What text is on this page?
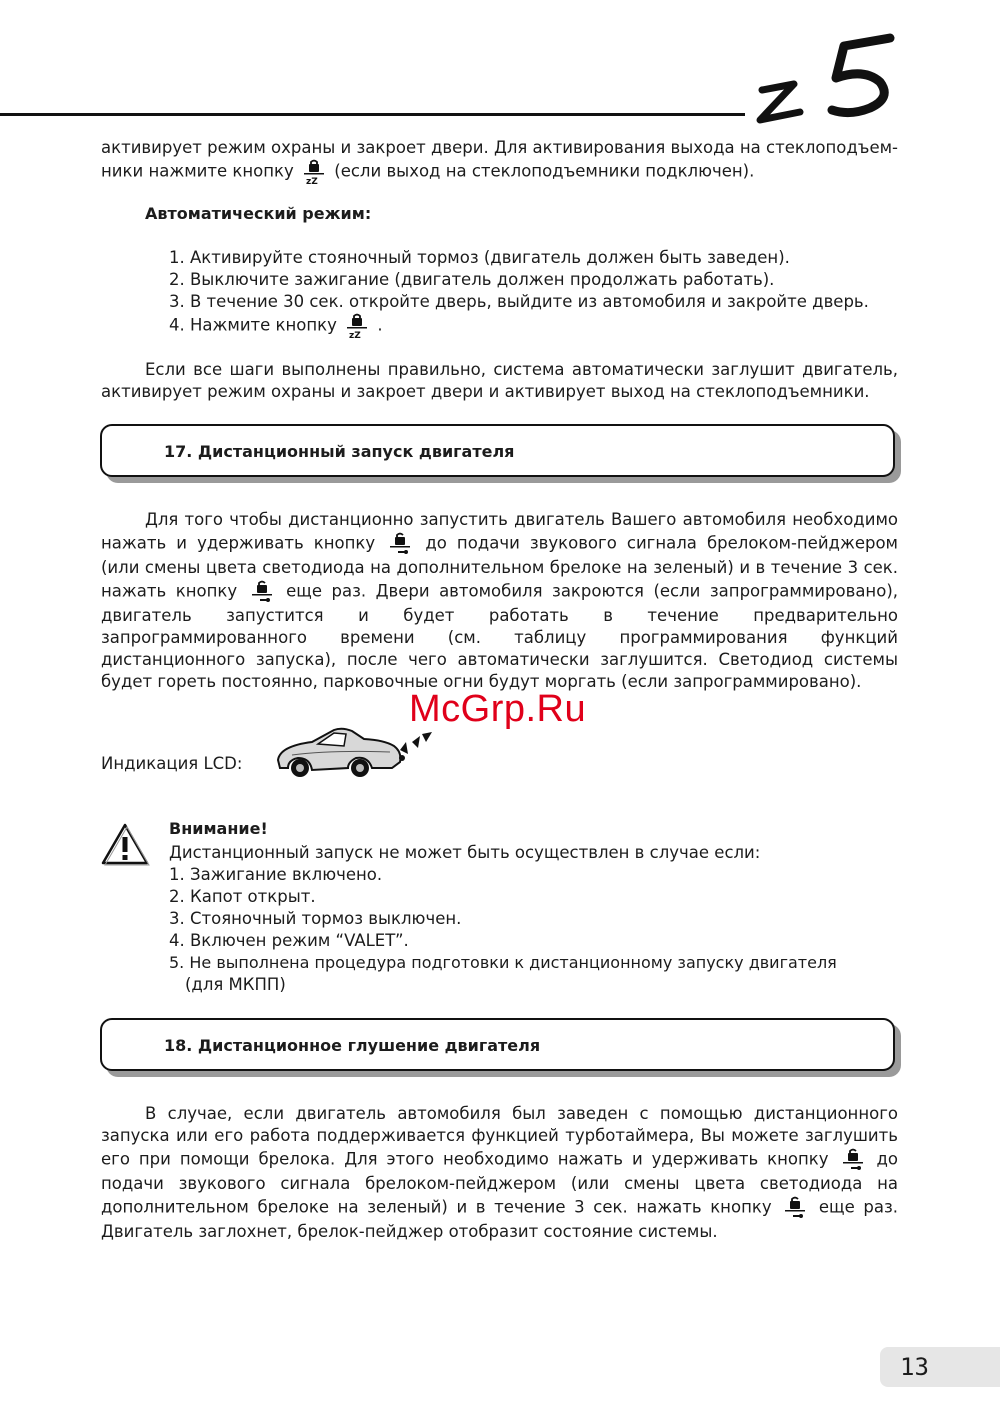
активирует режим охраны и закроет двери. Для активирования выхода на стеклоподъем-ники нажмите кнопку
zZ
(если выход на стеклоподъемники подключен).
Автоматический режим:
1. Активируйте стояночный тормоз (двигатель должен быть заведен).
2. Выключите зажигание (двигатель должен продолжать работать).
3. В течение 30 сек. откройте дверь, выйдите из автомобиля и закройте дверь.
4. Нажмите кнопку
zZ
.
Если все шаги выполнены правильно, система автоматически заглушит двигатель, активирует режим охраны и закроет двери и активирует выход на стеклоподъемники.
17. Дистанционный запуск двигателя
Для того чтобы дистанционно запустить двигатель Вашего автомобиля необходимо нажать и удерживать кнопку	до подачи звукового сигнала брелоком-пейджером (или смены цвета светодиода на дополнительном брелоке на зеленый) и в течение 3 сек. нажать кнопку	еще раз. Двери автомобиля закроются (если запрограммировано), двигатель запустится и будет работать в течение предварительно запрограммированного времени (см. таблицу программирования функций дистанционного запуска), после чего автоматически заглушится. Светодиод системы будет гореть постоянно, парковочные огни будут моргать (если запрограммировано).
McGrp.Ru
Индикация LCD:
Внимание!
Дистанционный запуск не может быть осуществлен в случае если:
1. Зажигание включено.
2. Капот открыт.
3. Стояночный тормоз выключен.
4. Включен режим “VALET”.
5. Не выполнена процедура подготовки к дистанционному запуску двигателя
(для МКПП)
18. Дистанционное глушение двигателя
В случае, если двигатель автомобиля был заведен с помощью дистанционного запуска или его работа поддерживается функцией турботаймера, Вы можете заглушить его при помощи брелока. Для этого необходимо нажать и удерживать кнопку	до подачи звукового сигнала брелоком-пейджером (или смены цвета светодиода на дополнительном брелоке на зеленый) и в течение 3 сек. нажать кнопку	еще раз. Двигатель заглохнет, брелок-пейджер отобразит состояние системы.
13
